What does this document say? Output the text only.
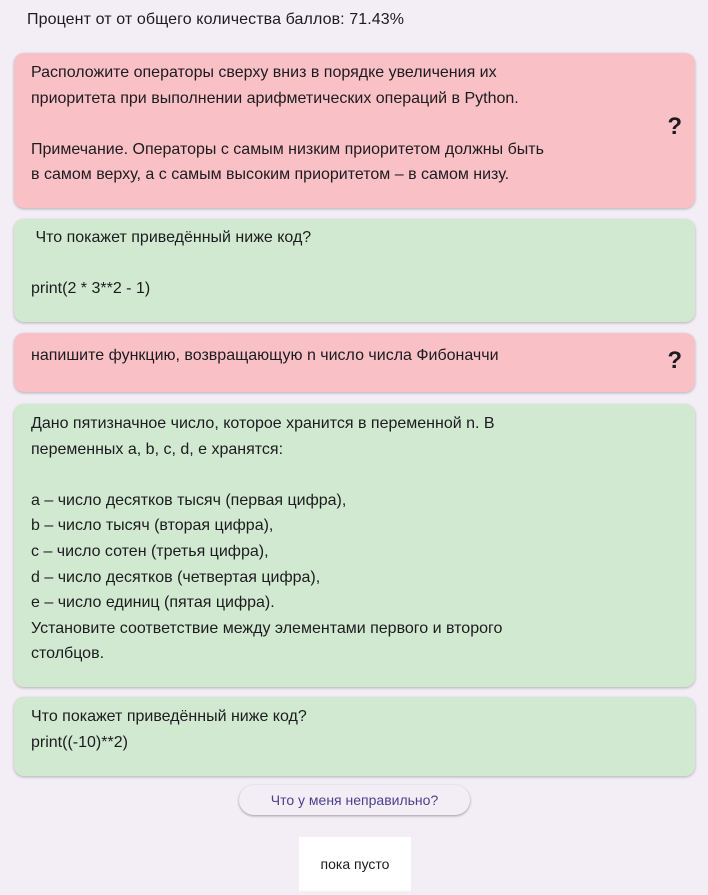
Процент от от общего количества баллов: 71.43%
Расположите операторы сверху вниз в порядке увеличения их
приоритета при выполнении арифметических операций в Python.

Примечание. Операторы с самым низким приоритетом должны быть
в самом верху, а с самым высоким приоритетом – в самом низу.
?
Что покажет приведённый ниже код?

print(2 * 3**2 - 1)
напишите функцию, возвращающую n число числа Фибоначчи	?
Дано пятизначное число, которое хранится в переменной n. В
переменных a, b, c, d, e хранятся:

a – число десятков тысяч (первая цифра),
b – число тысяч (вторая цифра),
c – число сотен (третья цифра),
d – число десятков (четвертая цифра),
e – число единиц (пятая цифра).
Установите соответствие между элементами первого и второго
столбцов.
Что покажет приведённый ниже код?
print((-10)**2)
Что у меня неправильно?
пока пусто
